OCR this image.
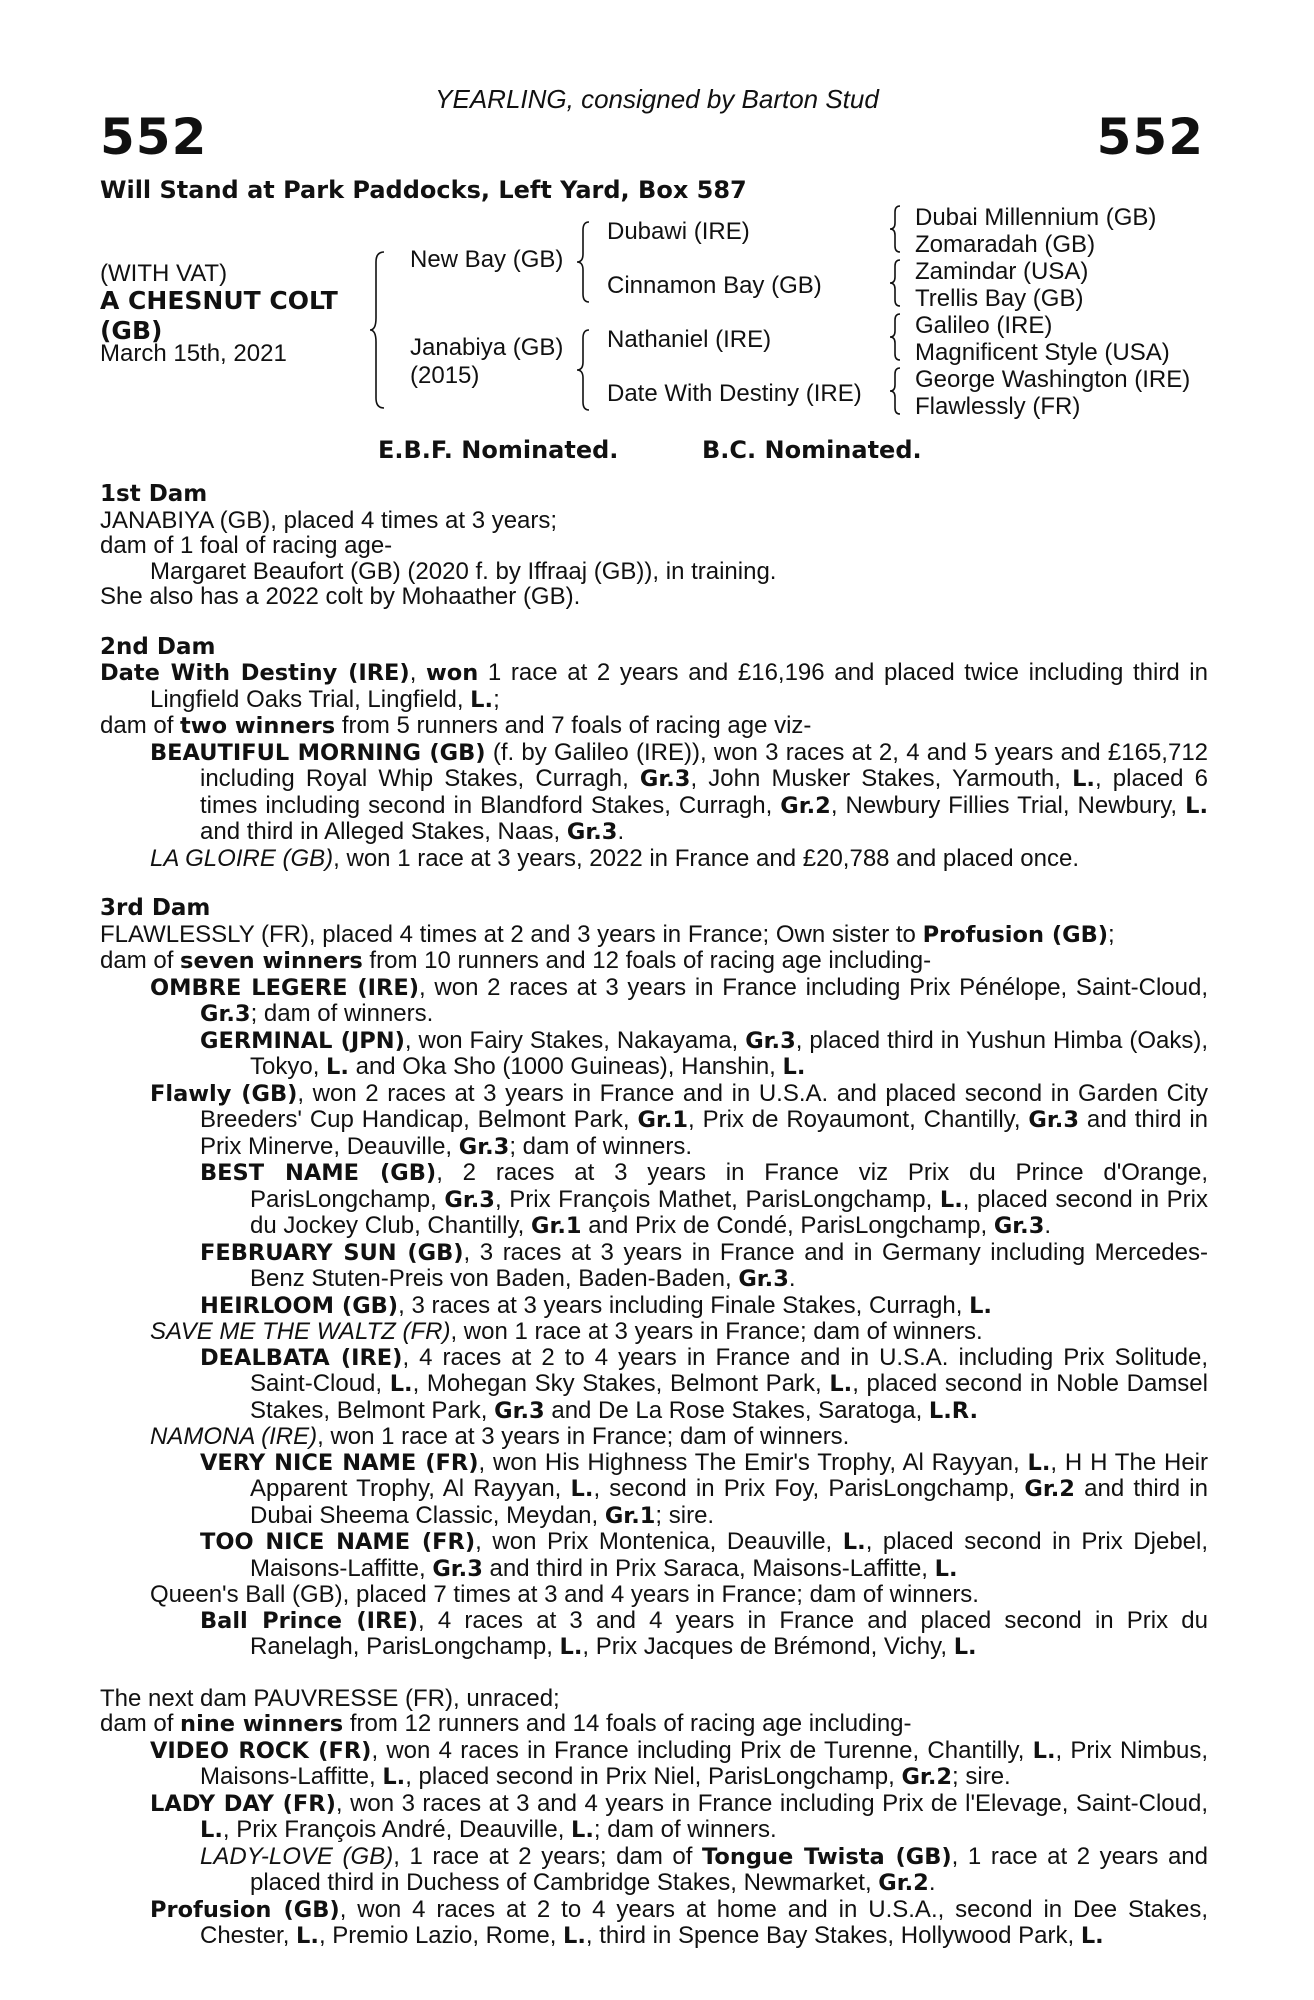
YEARLING, consigned by Barton Stud
552	552
Will Stand at Park Paddocks, Left Yard, Box 587
(WITH VAT)
A CHESNUT COLT
(GB)
March 15th, 2021
New Bay (GB)
Janabiya (GB)
(2015)
Dubawi (IRE)
Cinnamon Bay (GB)
Nathaniel (IRE)
Date With Destiny (IRE)
Dubai Millennium (GB)
Zomaradah (GB)
Zamindar (USA)
Trellis Bay (GB)
Galileo (IRE)
Magnificent Style (USA)
George Washington (IRE)
Flawlessly (FR)
E.B.F. Nominated.	B.C. Nominated.

1st Dam

JANABIYA (GB), placed 4 times at 3 years;

dam of 1 foal of racing age-

Margaret Beaufort (GB) (2020 f. by Iffraaj (GB)), in training.

She also has a 2022 colt by Mohaather (GB).

2nd Dam

Date With Destiny (IRE), won 1 race at 2 years and £16,196 and placed twice including third in Lingfield Oaks Trial, Lingfield, L.;

dam of two winners from 5 runners and 7 foals of racing age viz-

BEAUTIFUL MORNING (GB) (f. by Galileo (IRE)), won 3 races at 2, 4 and 5 years and £165,712 including Royal Whip Stakes, Curragh, Gr.3, John Musker Stakes, Yarmouth, L., placed 6 times including second in Blandford Stakes, Curragh, Gr.2, Newbury Fillies Trial, Newbury, L. and third in Alleged Stakes, Naas, Gr.3.

LA GLOIRE (GB), won 1 race at 3 years, 2022 in France and £20,788 and placed once.

3rd Dam

FLAWLESSLY (FR), placed 4 times at 2 and 3 years in France; Own sister to Profusion (GB);

dam of seven winners from 10 runners and 12 foals of racing age including-

OMBRE LEGERE (IRE), won 2 races at 3 years in France including Prix Pénélope, Saint-Cloud, Gr.3; dam of winners.

GERMINAL (JPN), won Fairy Stakes, Nakayama, Gr.3, placed third in Yushun Himba (Oaks), Tokyo, L. and Oka Sho (1000 Guineas), Hanshin, L.

Flawly (GB), won 2 races at 3 years in France and in U.S.A. and placed second in Garden City Breeders' Cup Handicap, Belmont Park, Gr.1, Prix de Royaumont, Chantilly, Gr.3 and third in Prix Minerve, Deauville, Gr.3; dam of winners.

BEST NAME (GB), 2 races at 3 years in France viz Prix du Prince d'Orange, ParisLongchamp, Gr.3, Prix François Mathet, ParisLongchamp, L., placed second in Prix du Jockey Club, Chantilly, Gr.1 and Prix de Condé, ParisLongchamp, Gr.3.

FEBRUARY SUN (GB), 3 races at 3 years in France and in Germany including Mercedes-Benz Stuten-Preis von Baden, Baden-Baden, Gr.3.

HEIRLOOM (GB), 3 races at 3 years including Finale Stakes, Curragh, L.

SAVE ME THE WALTZ (FR), won 1 race at 3 years in France; dam of winners.

DEALBATA (IRE), 4 races at 2 to 4 years in France and in U.S.A. including Prix Solitude, Saint-Cloud, L., Mohegan Sky Stakes, Belmont Park, L., placed second in Noble Damsel Stakes, Belmont Park, Gr.3 and De La Rose Stakes, Saratoga, L.R.

NAMONA (IRE), won 1 race at 3 years in France; dam of winners.

VERY NICE NAME (FR), won His Highness The Emir's Trophy, Al Rayyan, L., H H The Heir Apparent Trophy, Al Rayyan, L., second in Prix Foy, ParisLongchamp, Gr.2 and third in Dubai Sheema Classic, Meydan, Gr.1; sire.

TOO NICE NAME (FR), won Prix Montenica, Deauville, L., placed second in Prix Djebel, Maisons-Laffitte, Gr.3 and third in Prix Saraca, Maisons-Laffitte, L.

Queen's Ball (GB), placed 7 times at 3 and 4 years in France; dam of winners.

Ball Prince (IRE), 4 races at 3 and 4 years in France and placed second in Prix du Ranelagh, ParisLongchamp, L., Prix Jacques de Brémond, Vichy, L.

The next dam PAUVRESSE (FR), unraced;

dam of nine winners from 12 runners and 14 foals of racing age including-

VIDEO ROCK (FR), won 4 races in France including Prix de Turenne, Chantilly, L., Prix Nimbus, Maisons-Laffitte, L., placed second in Prix Niel, ParisLongchamp, Gr.2; sire.

LADY DAY (FR), won 3 races at 3 and 4 years in France including Prix de l'Elevage, Saint-Cloud, L., Prix François André, Deauville, L.; dam of winners.

LADY-LOVE (GB), 1 race at 2 years; dam of Tongue Twista (GB), 1 race at 2 years and placed third in Duchess of Cambridge Stakes, Newmarket, Gr.2.

Profusion (GB), won 4 races at 2 to 4 years at home and in U.S.A., second in Dee Stakes, Chester, L., Premio Lazio, Rome, L., third in Spence Bay Stakes, Hollywood Park, L.
